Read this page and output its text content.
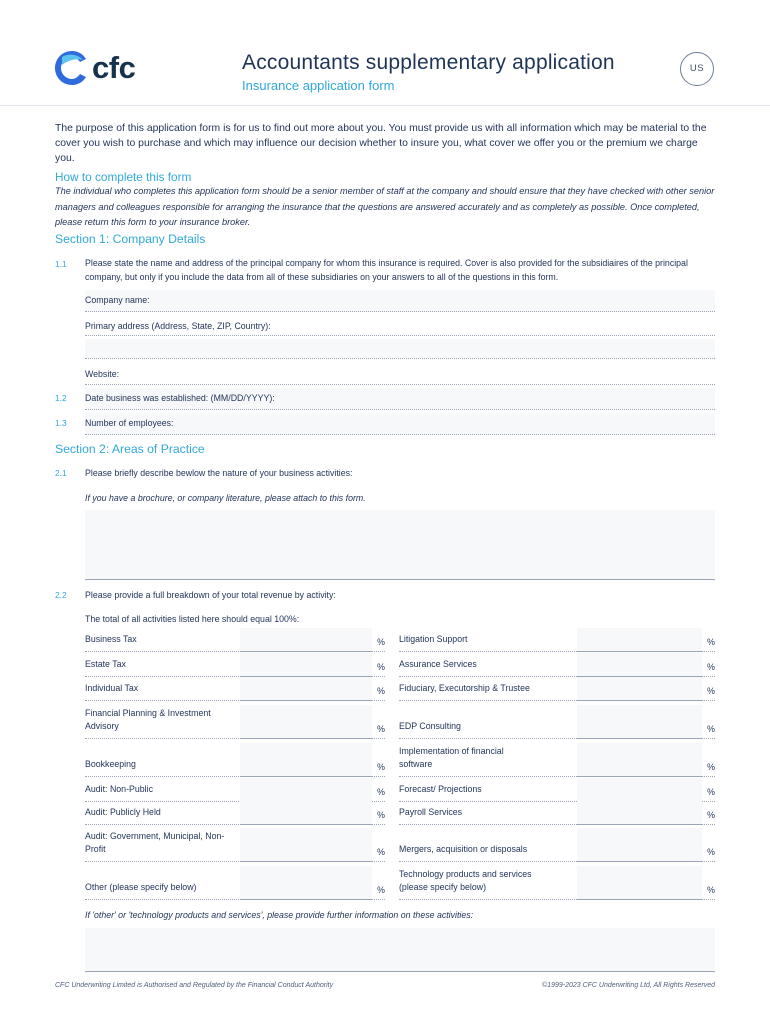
cfc	Accountants supplementary application
Insurance application form
US
The purpose of this application form is for us to find out more about you. You must provide us with all information which may be material to the cover you wish to purchase and which may influence our decision whether to insure you, what cover we offer you or the premium we charge you.
How to complete this form
The individual who completes this application form should be a senior member of staff at the company and should ensure that they have checked with other senior managers and colleagues responsible for arranging the insurance that the questions are answered accurately and as completely as possible. Once completed, please return this form to your insurance broker.
Section 1: Company Details
1.1 Please state the name and address of the principal company for whom this insurance is required. Cover is also provided for the subsidiaires of the principal company, but only if you include the data from all of these subsidiaries on your answers to all of the questions in this form.
Company name:
Primary address (Address, State, ZIP, Country):
Website:
1.2 Date business was established: (MM/DD/YYYY):
1.3 Number of employees:
Section 2: Areas of Practice
2.1 Please briefly describe bewlow the nature of your business activities:
If you have a brochure, or company literature, please attach to this form.
2.2 Please provide a full breakdown of your total revenue by activity:
The total of all activities listed here should equal 100%:
Business Tax	%
Estate Tax	%
Individual Tax	%
Financial Planning & Investment Advisory	%
Bookkeeping	%
Audit: Non-Public	%
Audit: Publicly Held	%
Audit: Government, Municipal, Non-Profit	%
Other (please specify below)	%
Litigation Support	%
Assurance Services	%
Fiduciary, Executorship & Trustee	%
EDP Consulting	%
Implementation of financial software	%
Forecast/ Projections	%
Payroll Services	%
Mergers, acquisition or disposals	%
Technology products and services (please specify below)	%
If 'other' or 'technology products and services', please provide further information on these activities:
CFC Underwriting Limited is Authorised and Regulated by the Financial Conduct Authority	©1999-2023 CFC Underwriting Ltd, All Rights Reserved
